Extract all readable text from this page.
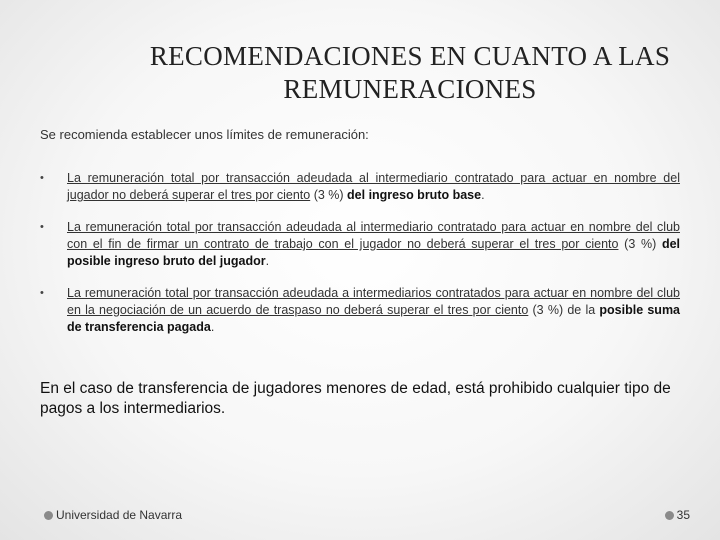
RECOMENDACIONES EN CUANTO A LAS REMUNERACIONES
Se recomienda establecer unos límites de remuneración:
• La remuneración total por transacción adeudada al intermediario contratado para actuar en nombre del jugador no deberá superar el tres por ciento (3 %) del ingreso bruto base.
• La remuneración total por transacción adeudada al intermediario contratado para actuar en nombre del club con el fin de firmar un contrato de trabajo con el jugador no deberá superar el tres por ciento (3 %) del posible ingreso bruto del jugador.
• La remuneración total por transacción adeudada a intermediarios contratados para actuar en nombre del club en la negociación de un acuerdo de traspaso no deberá superar el tres por ciento (3 %) de la posible suma de transferencia pagada.
En el caso de transferencia de jugadores menores de edad, está prohibido cualquier tipo de pagos a los intermediarios.
Universidad de Navarra	35
